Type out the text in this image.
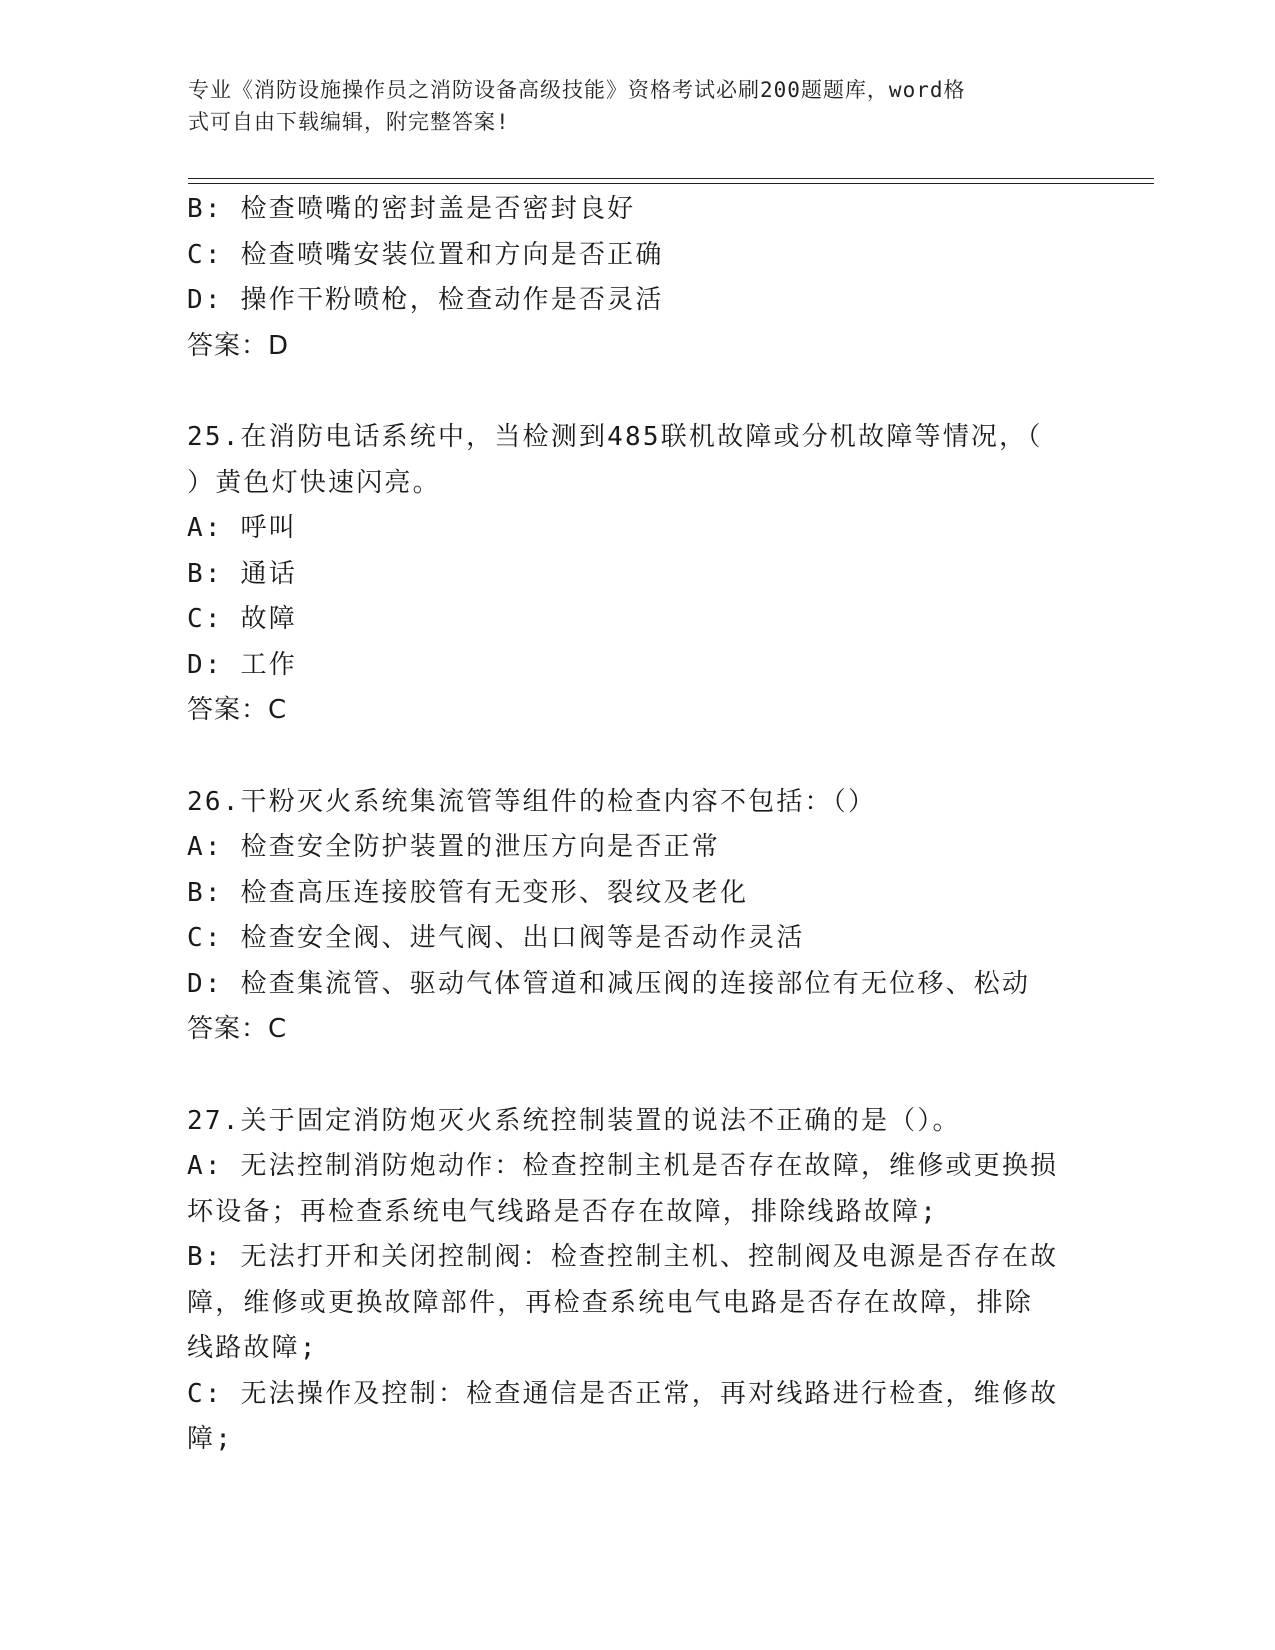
专业《消防设施操作员之消防设备高级技能》资格考试必刷200题题库，word格
式可自由下载编辑，附完整答案!
B: 检查喷嘴的密封盖是否密封良好
C: 检查喷嘴安装位置和方向是否正确
D: 操作干粉喷枪，检查动作是否灵活
答案：D
25.在消防电话系统中，当检测到485联机故障或分机故障等情况，（
）黄色灯快速闪亮。
A: 呼叫
B: 通话
C: 故障
D: 工作
答案：C
26.干粉灭火系统集流管等组件的检查内容不包括：（）
A: 检查安全防护装置的泄压方向是否正常
B: 检查高压连接胶管有无变形、裂纹及老化
C: 检查安全阀、进气阀、出口阀等是否动作灵活
D: 检查集流管、驱动气体管道和减压阀的连接部位有无位移、松动
答案：C
27.关于固定消防炮灭火系统控制装置的说法不正确的是（）。
A: 无法控制消防炮动作：检查控制主机是否存在故障，维修或更换损
坏设备；再检查系统电气线路是否存在故障，排除线路故障;
B: 无法打开和关闭控制阀：检查控制主机、控制阀及电源是否存在故
障，维修或更换故障部件，再检查系统电气电路是否存在故障，排除
线路故障;
C: 无法操作及控制：检查通信是否正常，再对线路进行检查，维修故
障;
